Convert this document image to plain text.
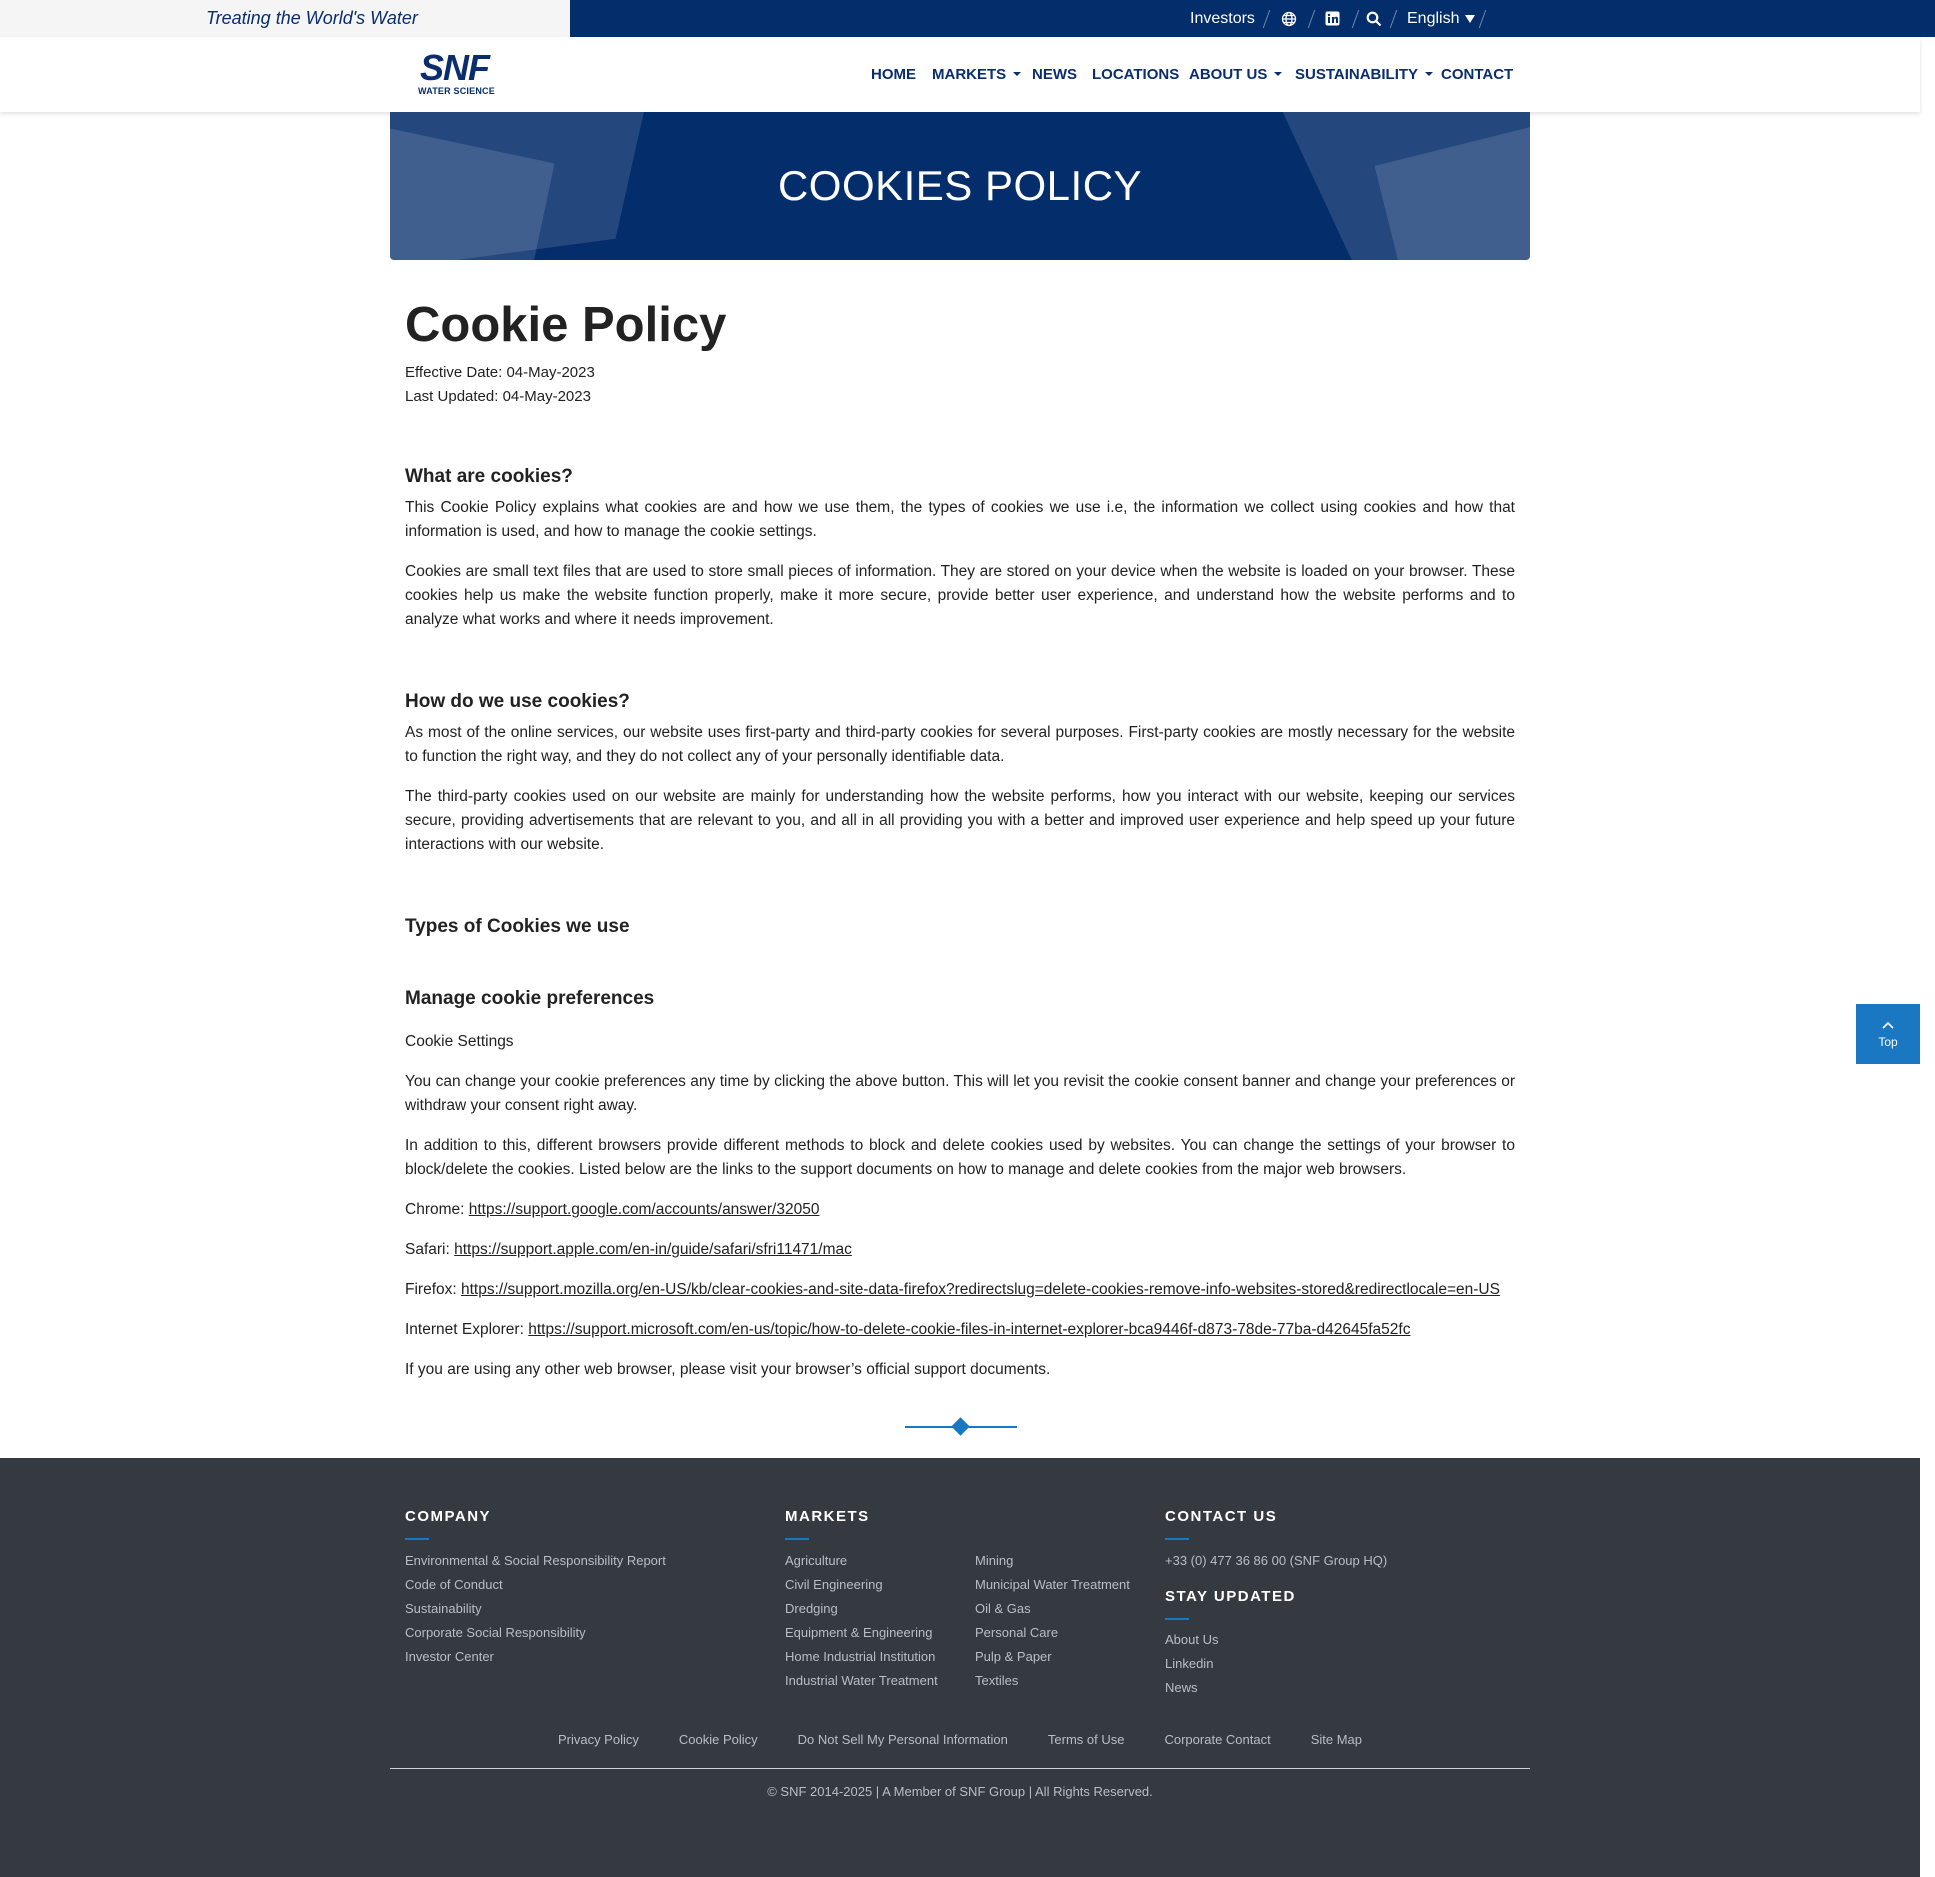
Treating the World's Water	Investors	English
SNF
WATER SCIENCE
HOME MARKETS NEWS LOCATIONS ABOUT US SUSTAINABILITY CONTACT
COOKIES POLICY
Cookie Policy
Effective Date: 04-May-2023
Last Updated: 04-May-2023
What are cookies?
This Cookie Policy explains what cookies are and how we use them, the types of cookies we use i.e, the information we collect using cookies and how that information is used, and how to manage the cookie settings.
Cookies are small text files that are used to store small pieces of information. They are stored on your device when the website is loaded on your browser. These cookies help us make the website function properly, make it more secure, provide better user experience, and understand how the website performs and to analyze what works and where it needs improvement.
How do we use cookies?
As most of the online services, our website uses first-party and third-party cookies for several purposes. First-party cookies are mostly necessary for the website to function the right way, and they do not collect any of your personally identifiable data.
The third-party cookies used on our website are mainly for understanding how the website performs, how you interact with our website, keeping our services secure, providing advertisements that are relevant to you, and all in all providing you with a better and improved user experience and help speed up your future interactions with our website.
Types of Cookies we use
Manage cookie preferences
Cookie Settings
You can change your cookie preferences any time by clicking the above button. This will let you revisit the cookie consent banner and change your preferences or withdraw your consent right away.
In addition to this, different browsers provide different methods to block and delete cookies used by websites. You can change the settings of your browser to block/delete the cookies. Listed below are the links to the support documents on how to manage and delete cookies from the major web browsers.
Chrome: https://support.google.com/accounts/answer/32050
Safari: https://support.apple.com/en-in/guide/safari/sfri11471/mac
Firefox: https://support.mozilla.org/en-US/kb/clear-cookies-and-site-data-firefox?redirectslug=delete-cookies-remove-info-websites-stored&redirectlocale=en-US
Internet Explorer: https://support.microsoft.com/en-us/topic/how-to-delete-cookie-files-in-internet-explorer-bca9446f-d873-78de-77ba-d42645fa52fc
If you are using any other web browser, please visit your browser’s official support documents.
Top
COMPANY
Environmental & Social Responsibility Report
Code of Conduct
Sustainability
Corporate Social Responsibility
Investor Center
MARKETS
Agriculture
Civil Engineering
Dredging
Equipment & Engineering
Home Industrial Institution
Industrial Water Treatment
Mining
Municipal Water Treatment
Oil & Gas
Personal Care
Pulp & Paper
Textiles
CONTACT US
+33 (0) 477 36 86 00 (SNF Group HQ)
STAY UPDATED
About Us
Linkedin
News
Privacy Policy	Cookie Policy	Do Not Sell My Personal Information	Terms of Use	Corporate Contact	Site Map
© SNF 2014-2025 | A Member of SNF Group | All Rights Reserved.
